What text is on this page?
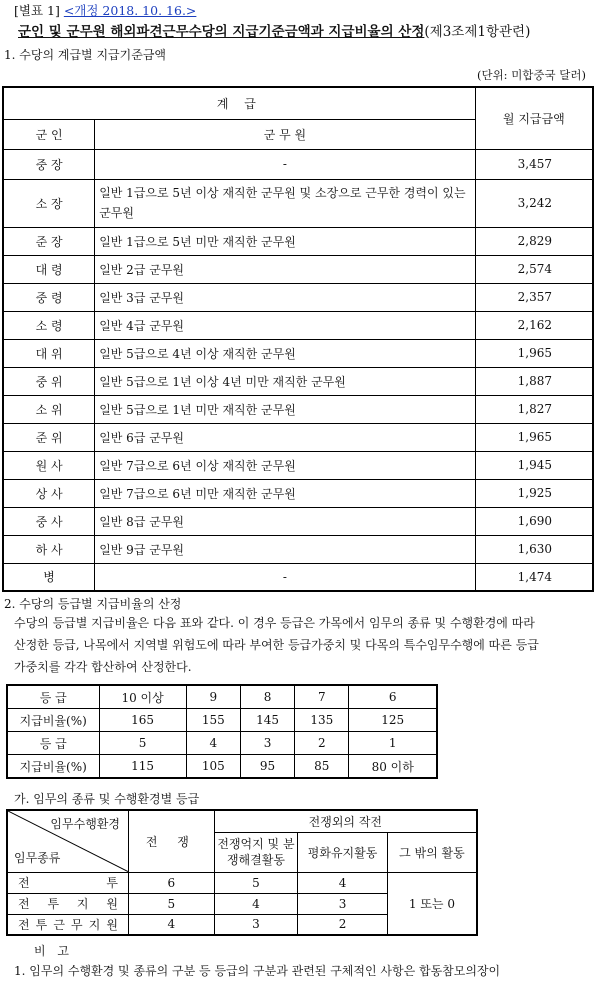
[별표 1] <개정 2018. 10. 16.>
군인 및 군무원 해외파견근무수당의 지급기준금액과 지급비율의 산정(제3조제1항관련)
1. 수당의 계급별 지급기준금액
(단위: 미합중국 달러)
계 급		월 지급금액
군 인	군 무 원	
중 장	-	3,457
소 장	일반 1급으로 5년 이상 재직한 군무원 및 소장으로 근무한 경력이 있는 군무원	3,242
준 장	일반 1급으로 5년 미만 재직한 군무원	2,829
대 령	일반 2급 군무원	2,574
중 령	일반 3급 군무원	2,357
소 령	일반 4급 군무원	2,162
대 위	일반 5급으로 4년 이상 재직한 군무원	1,965
중 위	일반 5급으로 1년 이상 4년 미만 재직한 군무원	1,887
소 위	일반 5급으로 1년 미만 재직한 군무원	1,827
준 위	일반 6급 군무원	1,965
원 사	일반 7급으로 6년 이상 재직한 군무원	1,945
상 사	일반 7급으로 6년 미만 재직한 군무원	1,925
중 사	일반 8급 군무원	1,690
하 사	일반 9급 군무원	1,630
병	-	1,474
2. 수당의 등급별 지급비율의 산정
수당의 등급별 지급비율은 다음 표와 같다. 이 경우 등급은 가목에서 임무의 종류 및 수행환경에 따라
산정한 등급, 나목에서 지역별 위험도에 따라 부여한 등급가중치 및 다목의 특수임무수행에 따른 등급
가중치를 각각 합산하여 산정한다.
등 급	10 이상	9	8	7	6
지급비율(%)	165	155	145	135	125
등 급	5	4	3	2	1
지급비율(%)	115	105	95	85	80 이하
가. 임무의 종류 및 수행환경별 등급
임무수행환경
임무종류	전 쟁	전쟁외의 작전		
		전쟁억지 및 분쟁해결활동	평화유지활동	그 밖의 활동
전 투	6	5	4	1 또는 0
전 투 지 원	5	4	3	
전 투 근 무 지 원	4	3	2	
비 고
1. 임무의 수행환경 및 종류의 구분 등 등급의 구분과 관련된 구체적인 사항은 합동참모의장이
